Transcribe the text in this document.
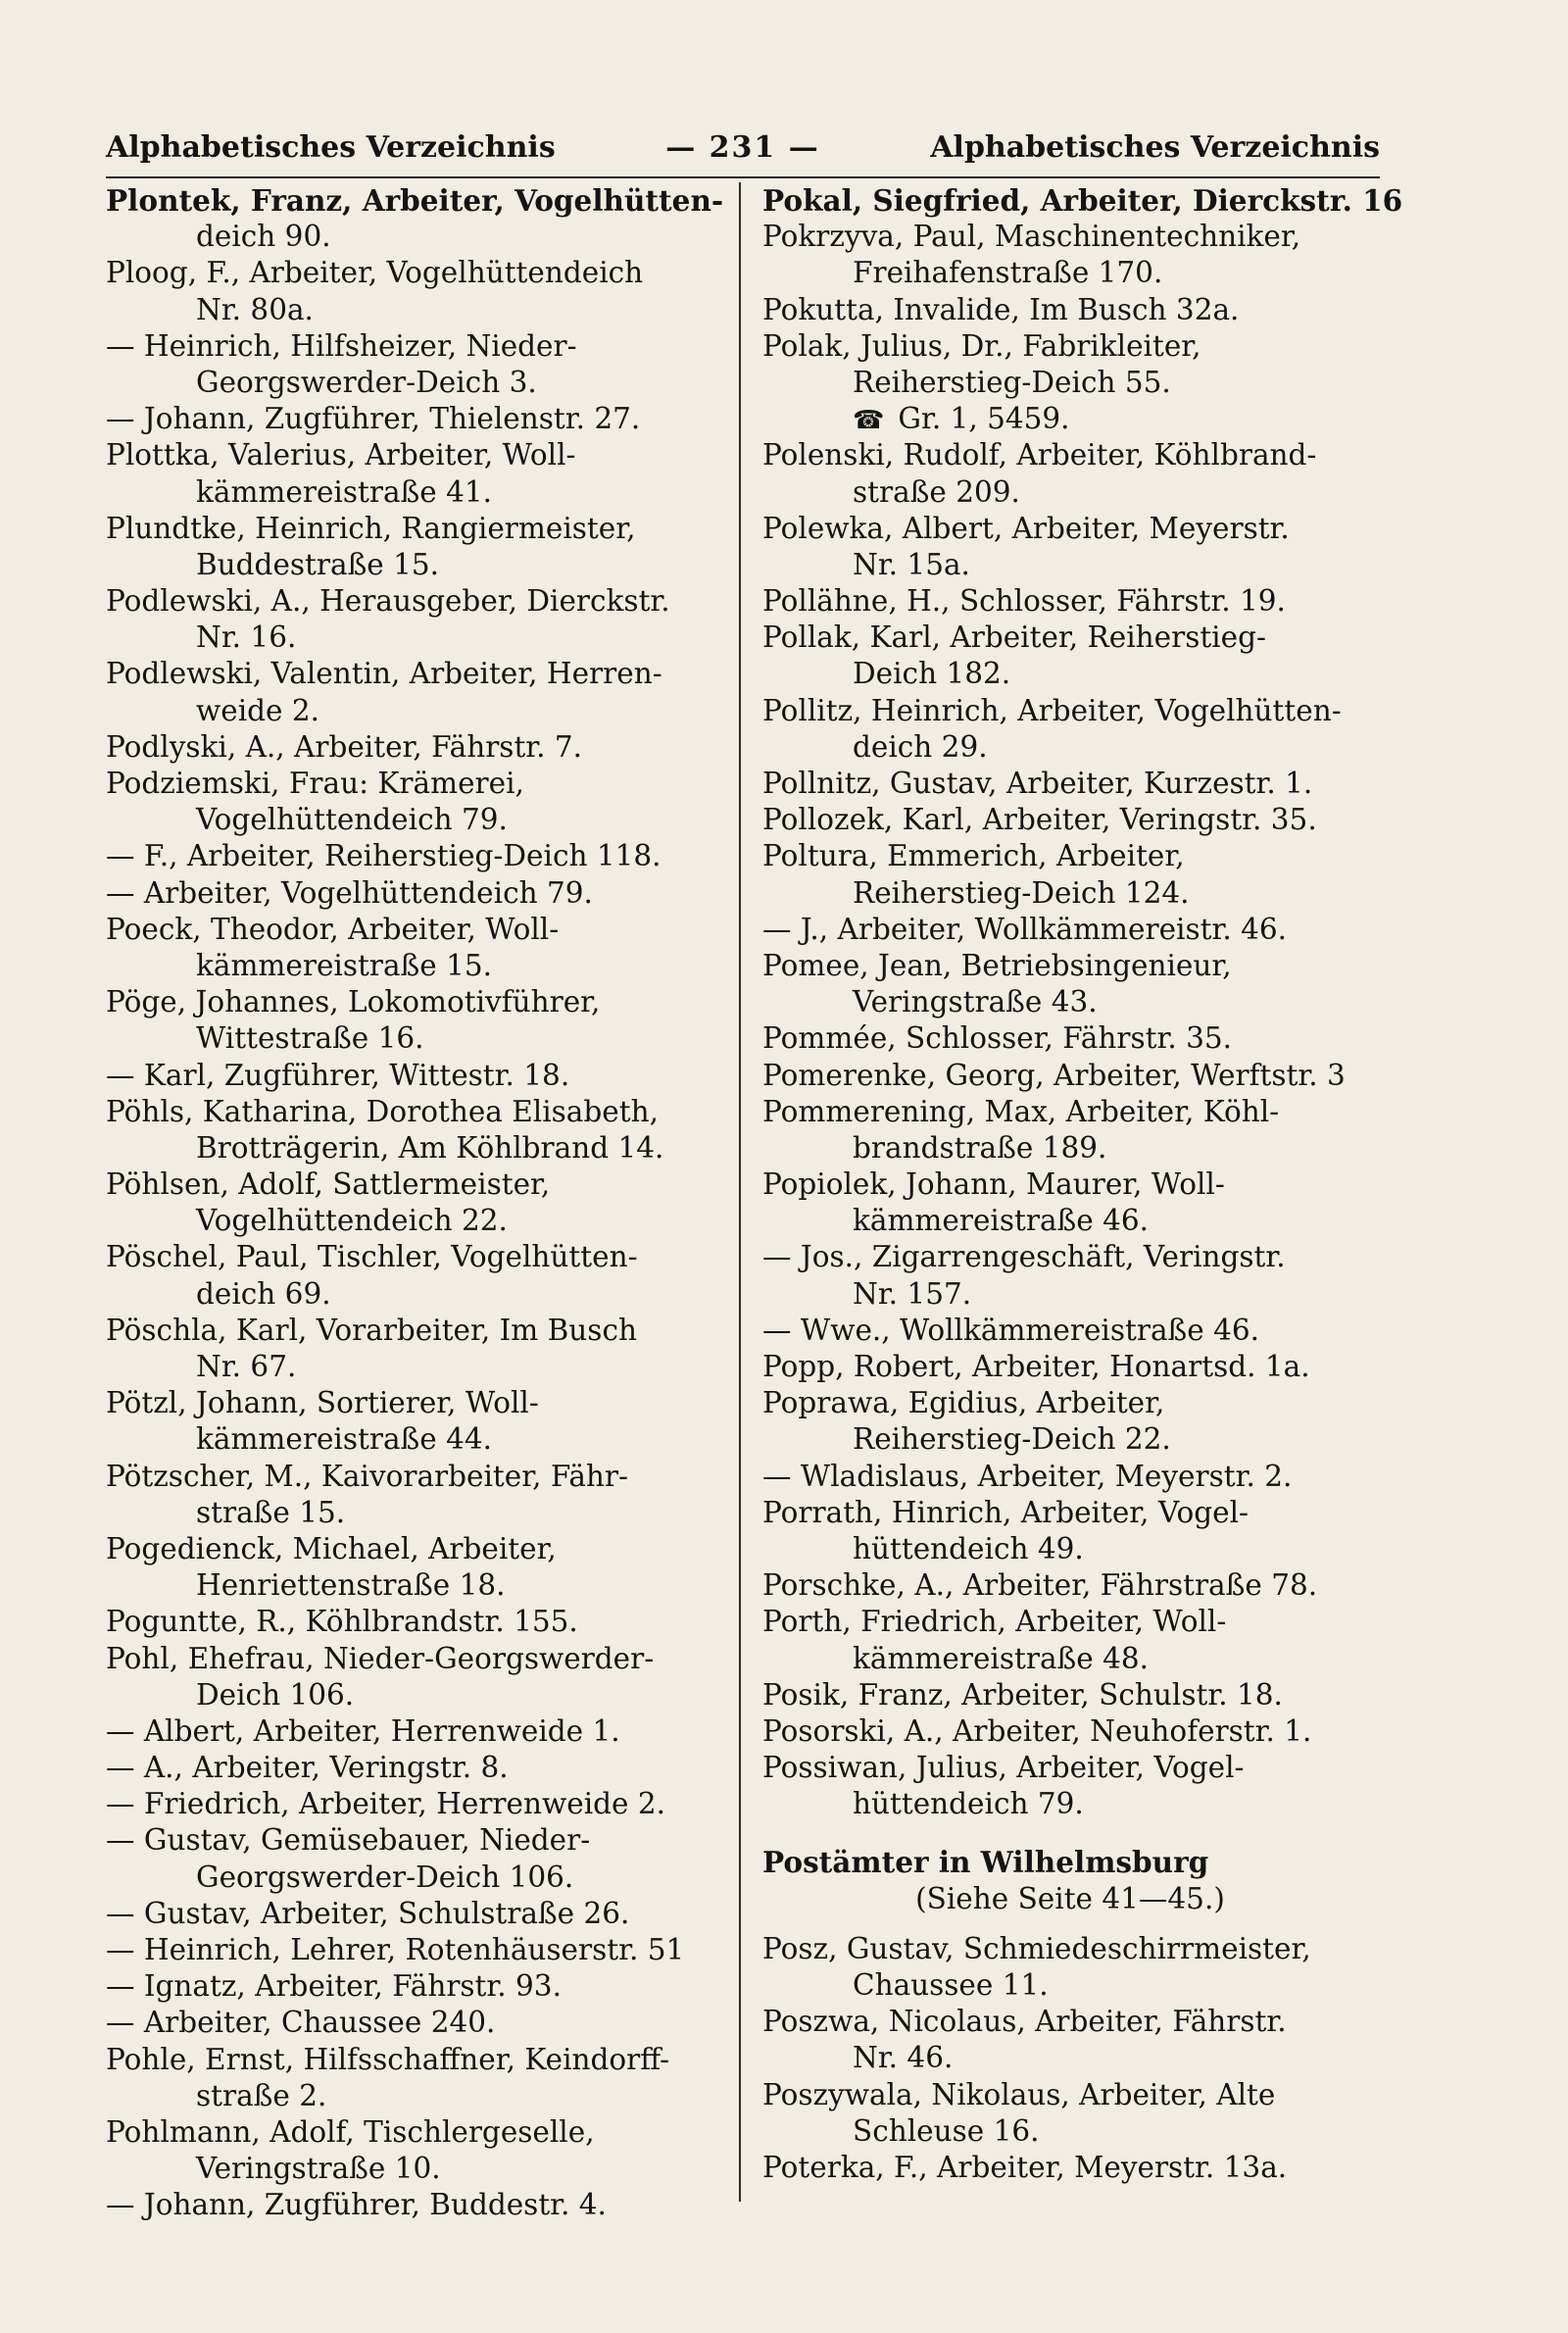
Alphabetisches Verzeichnis	— 231 —	Alphabetisches Verzeichnis
Plontek, Franz, Arbeiter, Vogelhütten-
deich 90.
Ploog, F., Arbeiter, Vogelhüttendeich
Nr. 80a.
— Heinrich, Hilfsheizer, Nieder-
Georgswerder-Deich 3.
— Johann, Zugführer, Thielenstr. 27.
Plottka, Valerius, Arbeiter, Woll-
kämmereistraße 41.
Plundtke, Heinrich, Rangiermeister,
Buddestraße 15.
Podlewski, A., Herausgeber, Dierckstr.
Nr. 16.
Podlewski, Valentin, Arbeiter, Herren-
weide 2.
Podlyski, A., Arbeiter, Fährstr. 7.
Podziemski, Frau: Krämerei,
Vogelhüttendeich 79.
— F., Arbeiter, Reiherstieg-Deich 118.
— Arbeiter, Vogelhüttendeich 79.
Poeck, Theodor, Arbeiter, Woll-
kämmereistraße 15.
Pöge, Johannes, Lokomotivführer,
Wittestraße 16.
— Karl, Zugführer, Wittestr. 18.
Pöhls, Katharina, Dorothea Elisabeth,
Brotträgerin, Am Köhlbrand 14.
Pöhlsen, Adolf, Sattlermeister,
Vogelhüttendeich 22.
Pöschel, Paul, Tischler, Vogelhütten-
deich 69.
Pöschla, Karl, Vorarbeiter, Im Busch
Nr. 67.
Pötzl, Johann, Sortierer, Woll-
kämmereistraße 44.
Pötzscher, M., Kaivorarbeiter, Fähr-
straße 15.
Pogedienck, Michael, Arbeiter,
Henriettenstraße 18.
Poguntte, R., Köhlbrandstr. 155.
Pohl, Ehefrau, Nieder-Georgswerder-
Deich 106.
— Albert, Arbeiter, Herrenweide 1.
— A., Arbeiter, Veringstr. 8.
— Friedrich, Arbeiter, Herrenweide 2.
— Gustav, Gemüsebauer, Nieder-
Georgswerder-Deich 106.
— Gustav, Arbeiter, Schulstraße 26.
— Heinrich, Lehrer, Rotenhäuserstr. 51
— Ignatz, Arbeiter, Fährstr. 93.
— Arbeiter, Chaussee 240.
Pohle, Ernst, Hilfsschaffner, Keindorff-
straße 2.
Pohlmann, Adolf, Tischlergeselle,
Veringstraße 10.
— Johann, Zugführer, Buddestr. 4.
Pokal, Siegfried, Arbeiter, Dierckstr. 16
Pokrzyva, Paul, Maschinentechniker,
Freihafenstraße 170.
Pokutta, Invalide, Im Busch 32a.
Polak, Julius, Dr., Fabrikleiter,
Reiherstieg-Deich 55.
☎ Gr. 1, 5459.
Polenski, Rudolf, Arbeiter, Köhlbrand-
straße 209.
Polewka, Albert, Arbeiter, Meyerstr.
Nr. 15a.
Pollähne, H., Schlosser, Fährstr. 19.
Pollak, Karl, Arbeiter, Reiherstieg-
Deich 182.
Pollitz, Heinrich, Arbeiter, Vogelhütten-
deich 29.
Pollnitz, Gustav, Arbeiter, Kurzestr. 1.
Pollozek, Karl, Arbeiter, Veringstr. 35.
Poltura, Emmerich, Arbeiter,
Reiherstieg-Deich 124.
— J., Arbeiter, Wollkämmereistr. 46.
Pomee, Jean, Betriebsingenieur,
Veringstraße 43.
Pommée, Schlosser, Fährstr. 35.
Pomerenke, Georg, Arbeiter, Werftstr. 3
Pommerening, Max, Arbeiter, Köhl-
brandstraße 189.
Popiolek, Johann, Maurer, Woll-
kämmereistraße 46.
— Jos., Zigarrengeschäft, Veringstr.
Nr. 157.
— Wwe., Wollkämmereistraße 46.
Popp, Robert, Arbeiter, Honartsd. 1a.
Poprawa, Egidius, Arbeiter,
Reiherstieg-Deich 22.
— Wladislaus, Arbeiter, Meyerstr. 2.
Porrath, Hinrich, Arbeiter, Vogel-
hüttendeich 49.
Porschke, A., Arbeiter, Fährstraße 78.
Porth, Friedrich, Arbeiter, Woll-
kämmereistraße 48.
Posik, Franz, Arbeiter, Schulstr. 18.
Posorski, A., Arbeiter, Neuhoferstr. 1.
Possiwan, Julius, Arbeiter, Vogel-
hüttendeich 79.
Postämter in Wilhelmsburg
(Siehe Seite 41—45.)
Posz, Gustav, Schmiedeschirrmeister,
Chaussee 11.
Poszwa, Nicolaus, Arbeiter, Fährstr.
Nr. 46.
Poszywala, Nikolaus, Arbeiter, Alte
Schleuse 16.
Poterka, F., Arbeiter, Meyerstr. 13a.
